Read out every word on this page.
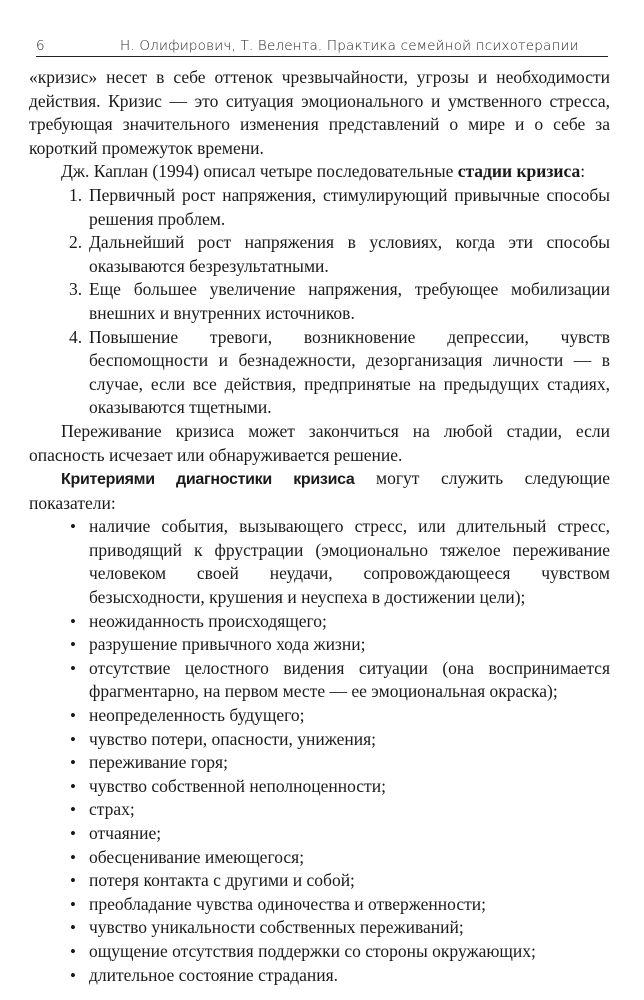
6	Н. Олифирович, Т. Велента. Практика семейной психотерапии

«кризис» несет в себе оттенок чрезвычайности, угрозы и необходимости действия. Кризис — это ситуация эмоционального и умственного стресса, требующая значительного изменения представлений о мире и о себе за короткий промежуток времени.

Дж. Каплан (1994) описал четыре последовательные стадии кризиса:

1. Первичный рост напряжения, стимулирующий привычные способы решения проблем.
2. Дальнейший рост напряжения в условиях, когда эти способы оказываются безрезультатными.
3. Еще большее увеличение напряжения, требующее мобилизации внешних и внутренних источников.
4. Повышение тревоги, возникновение депрессии, чувств беспомощности и безнадежности, дезорганизация личности — в случае, если все действия, предпринятые на предыдущих стадиях, оказываются тщетными.

Переживание кризиса может закончиться на любой стадии, если опасность исчезает или обнаруживается решение.

Критериями диагностики кризиса могут служить следующие показатели:

• наличие события, вызывающего стресс, или длительный стресс, приводящий к фрустрации (эмоционально тяжелое переживание человеком своей неудачи, сопровождающееся чувством безысходности, крушения и неуспеха в достижении цели);
• неожиданность происходящего;
• разрушение привычного хода жизни;
• отсутствие целостного видения ситуации (она воспринимается фрагментарно, на первом месте — ее эмоциональная окраска);
• неопределенность будущего;
• чувство потери, опасности, унижения;
• переживание горя;
• чувство собственной неполноценности;
• страх;
• отчаяние;
• обесценивание имеющегося;
• потеря контакта с другими и собой;
• преобладание чувства одиночества и отверженности;
• чувство уникальности собственных переживаний;
• ощущение отсутствия поддержки со стороны окружающих;
• длительное состояние страдания.
